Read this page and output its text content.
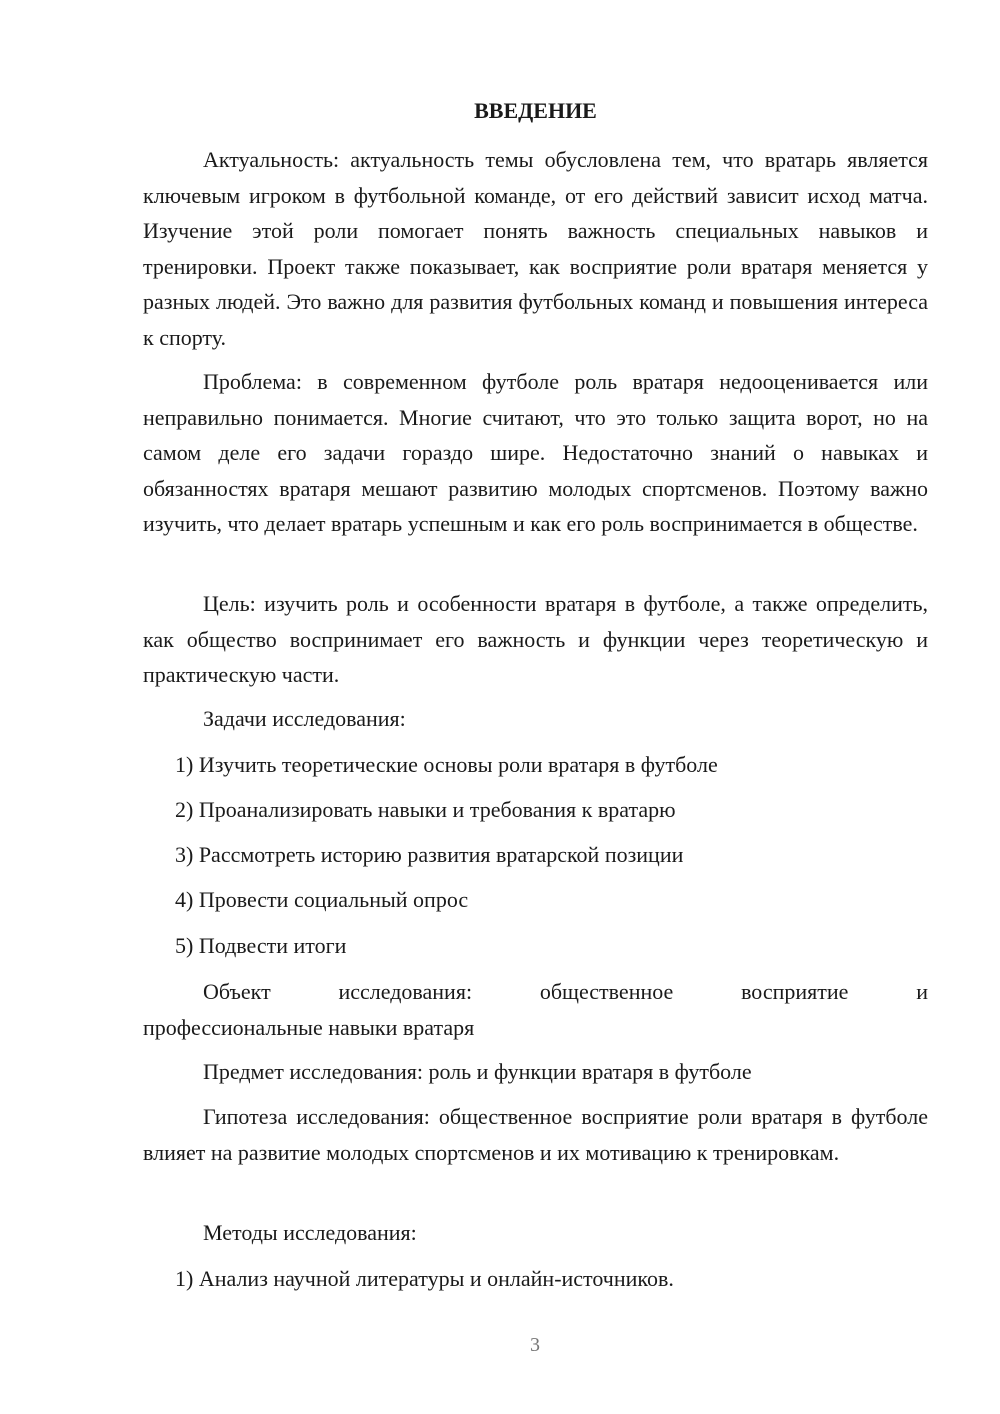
ВВЕДЕНИЕ

Актуальность: актуальность темы обусловлена тем, что вратарь является ключевым игроком в футбольной команде, от его действий зависит исход матча. Изучение этой роли помогает понять важность специальных навыков и тренировки. Проект также показывает, как восприятие роли вратаря меняется у разных людей. Это важно для развития футбольных команд и повышения интереса к спорту.

Проблема: в современном футболе роль вратаря недооценивается или неправильно понимается. Многие считают, что это только защита ворот, но на самом деле его задачи гораздо шире. Недостаточно знаний о навыках и обязанностях вратаря мешают развитию молодых спортсменов. Поэтому важно изучить, что делает вратарь успешным и как его роль воспринимается в обществе.

Цель: изучить роль и особенности вратаря в футболе, а также определить, как общество воспринимает его важность и функции через теоретическую и практическую части.

Задачи исследования:

1) Изучить теоретические основы роли вратаря в футболе

2) Проанализировать навыки и требования к вратарю

3) Рассмотреть историю развития вратарской позиции

4) Провести социальный опрос

5) Подвести итоги

Объект	исследования:	общественное	восприятие	и
профессиональные навыки вратаря

Предмет исследования: роль и функции вратаря в футболе

Гипотеза исследования: общественное восприятие роли вратаря в футболе влияет на развитие молодых спортсменов и их мотивацию к тренировкам.

Методы исследования:

1) Анализ научной литературы и онлайн-источников.

3
